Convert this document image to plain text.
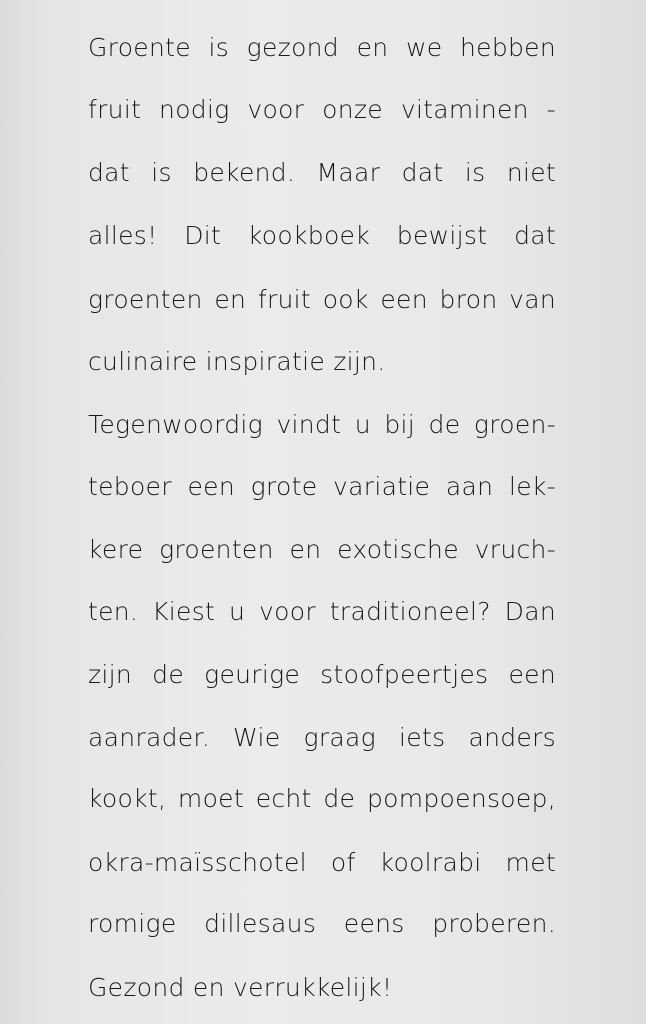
Groente is gezond en we hebben
fruit nodig voor onze vitaminen -
dat is bekend. Maar dat is niet
alles! Dit kookboek bewijst dat
groenten en fruit ook een bron van
culinaire inspiratie zijn.
Tegenwoordig vindt u bij de groen-
teboer een grote variatie aan lek-
kere groenten en exotische vruch-
ten. Kiest u voor traditioneel? Dan
zijn de geurige stoofpeertjes een
aanrader. Wie graag iets anders
kookt, moet echt de pompoensoep,
okra-maïsschotel of koolrabi met
romige dillesaus eens proberen.
Gezond en verrukkelijk!
